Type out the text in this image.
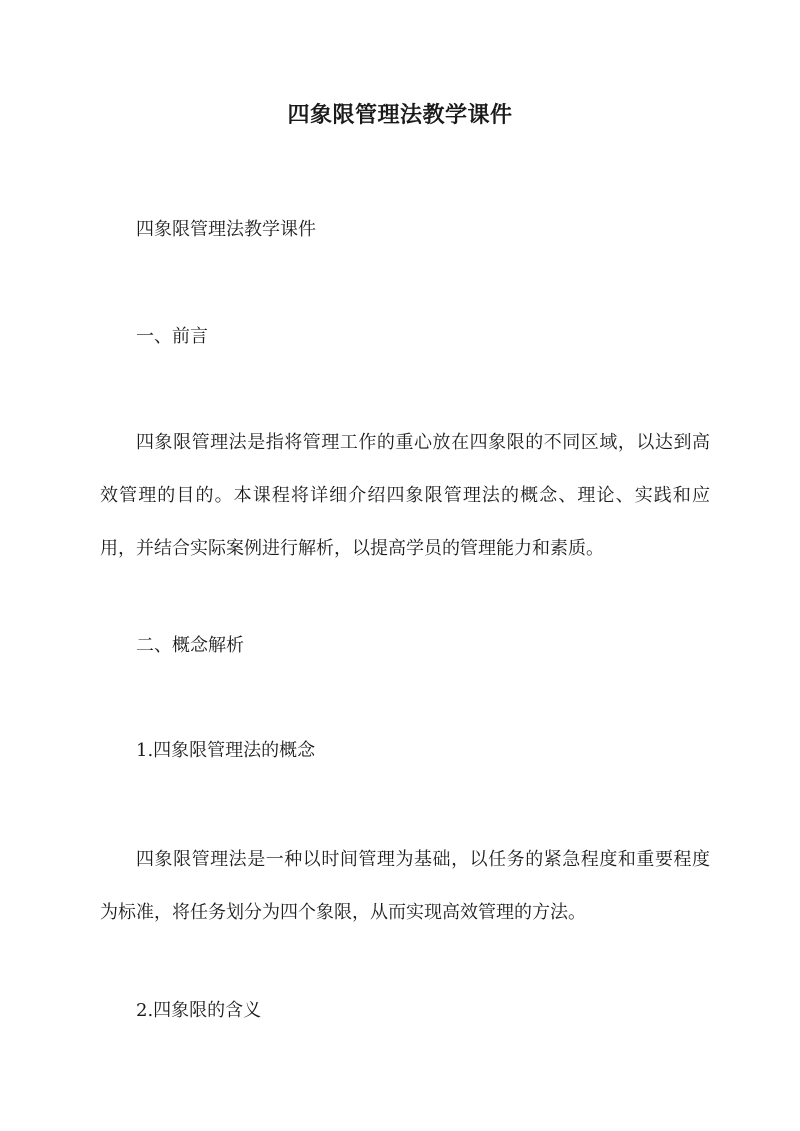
四象限管理法教学课件
四象限管理法教学课件
一、前言
四象限管理法是指将管理工作的重心放在四象限的不同区域，以达到高效管理的目的。本课程将详细介绍四象限管理法的概念、理论、实践和应用，并结合实际案例进行解析，以提高学员的管理能力和素质。
二、概念解析
1.四象限管理法的概念
四象限管理法是一种以时间管理为基础，以任务的紧急程度和重要程度为标准，将任务划分为四个象限，从而实现高效管理的方法。
2.四象限的含义
